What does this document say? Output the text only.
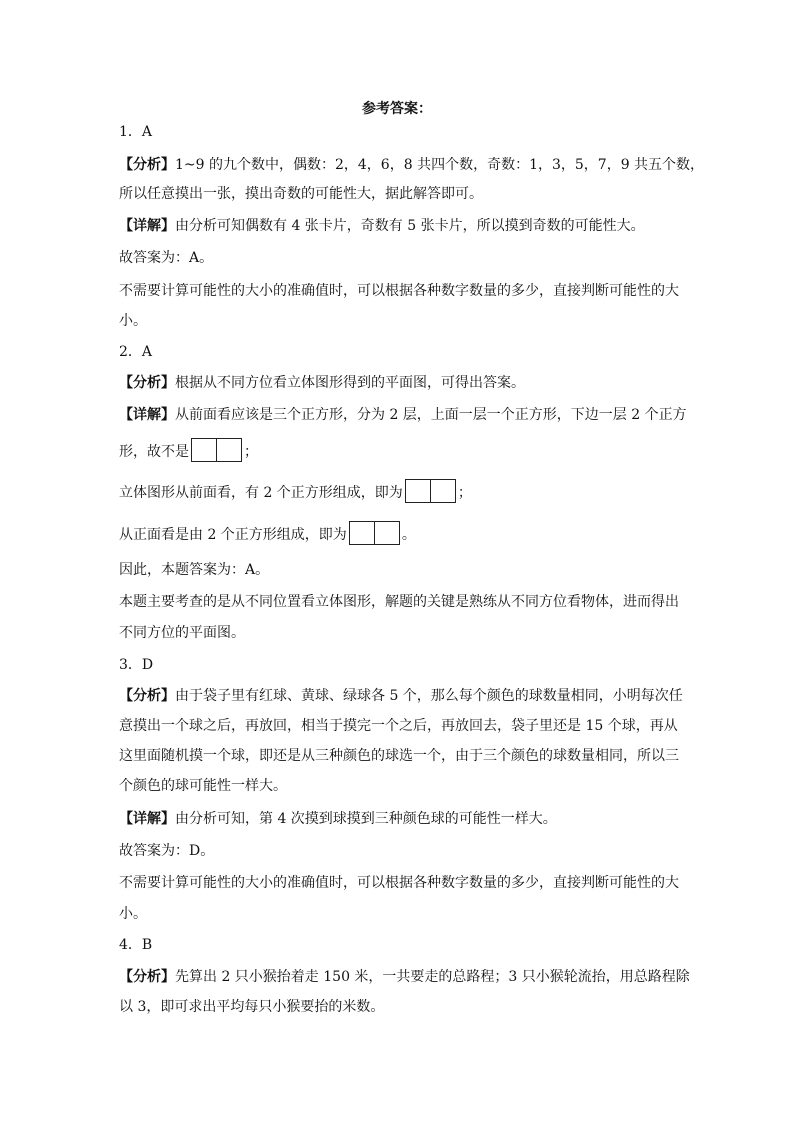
参考答案：
1．A
【分析】1~9 的九个数中，偶数：2，4，6，8 共四个数，奇数：1，3，5，7，9 共五个数，
所以任意摸出一张，摸出奇数的可能性大，据此解答即可。
【详解】由分析可知偶数有 4 张卡片，奇数有 5 张卡片，所以摸到奇数的可能性大。
故答案为：A。
不需要计算可能性的大小的准确值时，可以根据各种数字数量的多少，直接判断可能性的大
小。
2．A
【分析】根据从不同方位看立体图形得到的平面图，可得出答案。
【详解】从前面看应该是三个正方形，分为 2 层，上面一层一个正方形，下边一层 2 个正方
形，故不是	；
立体图形从前面看，有 2 个正方形组成，即为	；
从正面看是由 2 个正方形组成，即为	。
因此，本题答案为：A。
本题主要考查的是从不同位置看立体图形，解题的关键是熟练从不同方位看物体，进而得出
不同方位的平面图。
3．D
【分析】由于袋子里有红球、黄球、绿球各 5 个，那么每个颜色的球数量相同，小明每次任
意摸出一个球之后，再放回，相当于摸完一个之后，再放回去，袋子里还是 15 个球，再从
这里面随机摸一个球，即还是从三种颜色的球选一个，由于三个颜色的球数量相同，所以三
个颜色的球可能性一样大。
【详解】由分析可知，第 4 次摸到球摸到三种颜色球的可能性一样大。
故答案为：D。
不需要计算可能性的大小的准确值时，可以根据各种数字数量的多少，直接判断可能性的大
小。
4．B
【分析】先算出 2 只小猴抬着走 150 米，一共要走的总路程；3 只小猴轮流抬，用总路程除
以 3，即可求出平均每只小猴要抬的米数。
